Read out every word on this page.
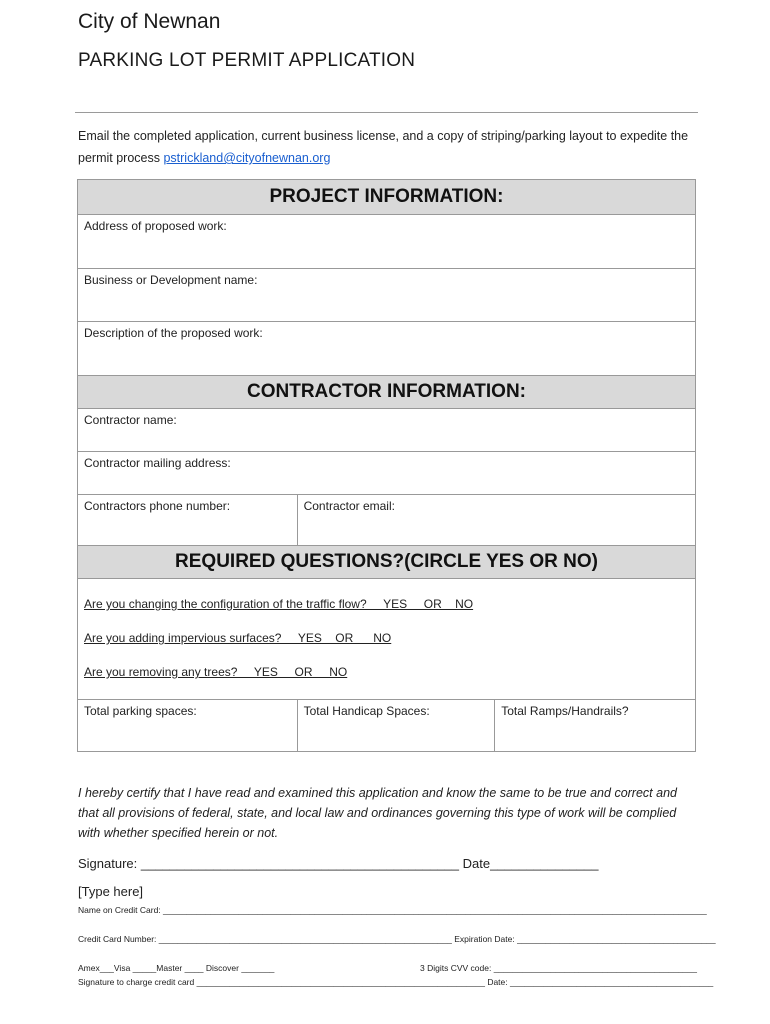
City of Newnan
PARKING LOT PERMIT APPLICATION
Email the completed application, current business license, and a copy of striping/parking layout to expedite the permit process pstrickland@cityofnewnan.org
PROJECT INFORMATION:		
Address of proposed work:		
Business or Development name:		
Description of the proposed work:		
CONTRACTOR INFORMATION:		
Contractor name:		
Contractor mailing address:		
Contractors phone number:	Contractor email:	
REQUIRED QUESTIONS?(CIRCLE YES OR NO)		

Are you changing the configuration of the traffic flow?     YES     OR    NO

Are you adding impervious surfaces?     YES    OR      NO

Are you removing any trees?     YES     OR     NO		

Total parking spaces:	Total Handicap Spaces:	Total Ramps/Handrails?
I hereby certify that I have read and examined this application and know the same to be true and correct and that all provisions of federal, state, and local law and ordinances governing this type of work will be complied with whether specified herein or not.
Signature: ____________________________________________ Date_______________
[Type here]
Name on Credit Card: ___________________________________________________________________________________________________________________
Credit Card Number: ______________________________________________________________ Expiration Date: __________________________________________
Amex___Visa _____Master ____ Discover _______	3 Digits CVV code: ___________________________________________
Signature to charge credit card _____________________________________________________________ Date: ___________________________________________
